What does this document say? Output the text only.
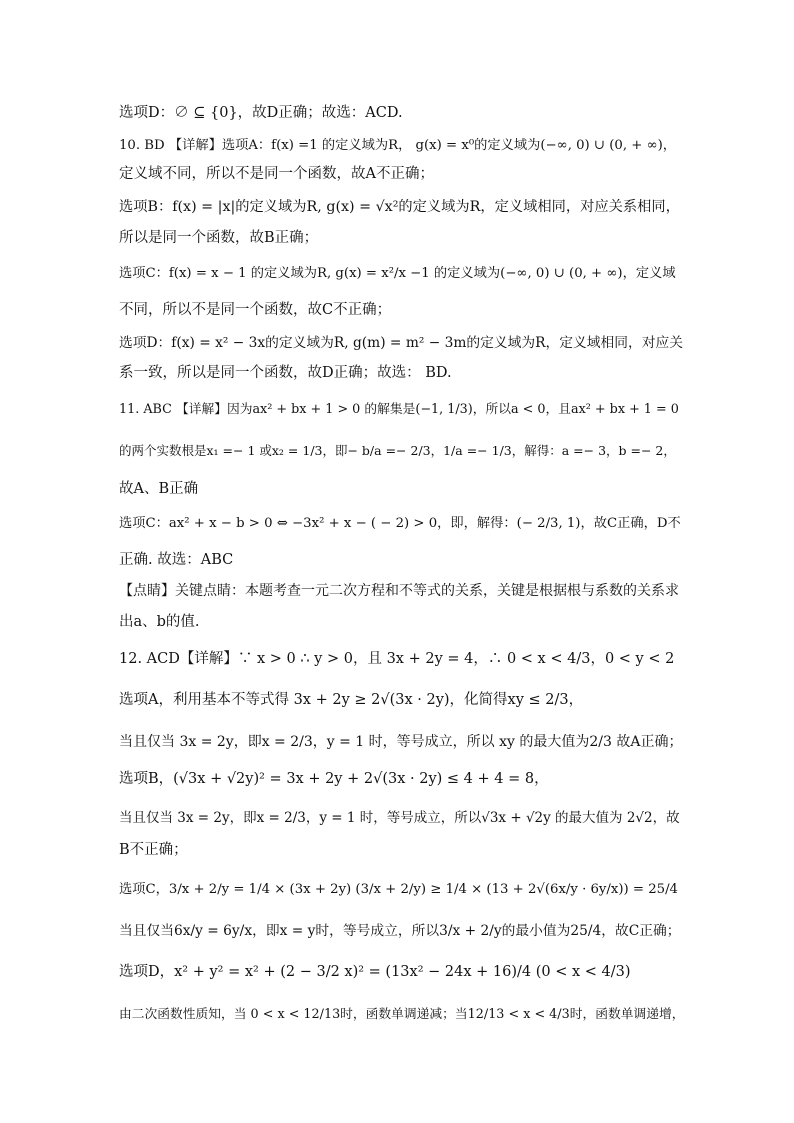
选项D：∅ ⊆ {0}，故D正确；故选：ACD.
10. BD 【详解】选项A：f(x) =1 的定义域为R， g(x) = x⁰的定义域为(−∞, 0) ∪ (0, + ∞)，
定义域不同，所以不是同一个函数，故A不正确；
选项B：f(x) = |x|的定义域为R, g(x) = √x²的定义域为R，定义域相同，对应关系相同，
所以是同一个函数，故B正确；
选项C：f(x) = x − 1 的定义域为R, g(x) = x²/x −1 的定义域为(−∞, 0) ∪ (0, + ∞)，定义域
不同，所以不是同一个函数，故C不正确；
选项D：f(x) = x² − 3x的定义域为R, g(m) = m² − 3m的定义域为R，定义域相同，对应关
系一致，所以是同一个函数，故D正确；故选： BD.
11. ABC 【详解】因为ax² + bx + 1 > 0 的解集是(−1, 1/3)，所以a < 0，且ax² + bx + 1 = 0
的两个实数根是x₁ =− 1 或x₂ = 1/3，即− b/a =− 2/3，1/a =− 1/3，解得：a =− 3，b =− 2，
故A、B正确
选项C：ax² + x − b > 0 ⇔ −3x² + x − ( − 2) > 0，即，解得：(− 2/3, 1)，故C正确，D不
正确. 故选：ABC
【点睛】关键点睛：本题考查一元二次方程和不等式的关系，关键是根据根与系数的关系求
出a、b的值.
12. ACD【详解】∵ x > 0 ∴ y > 0，且 3x + 2y = 4，∴ 0 < x < 4/3，0 < y < 2
选项A，利用基本不等式得 3x + 2y ≥ 2√(3x · 2y)，化简得xy ≤ 2/3，
当且仅当 3x = 2y，即x = 2/3，y = 1 时，等号成立，所以 xy 的最大值为2/3 故A正确；
选项B，(√3x + √2y)² = 3x + 2y + 2√(3x · 2y) ≤ 4 + 4 = 8，
当且仅当 3x = 2y，即x = 2/3，y = 1 时，等号成立，所以√3x + √2y 的最大值为 2√2，故
B不正确；
选项C，3/x + 2/y = 1/4 × (3x + 2y) (3/x + 2/y) ≥ 1/4 × (13 + 2√(6x/y · 6y/x)) = 25/4
当且仅当6x/y = 6y/x，即x = y时，等号成立，所以3/x + 2/y的最小值为25/4，故C正确；
选项D，x² + y² = x² + (2 − 3/2 x)² = (13x² − 24x + 16)/4 (0 < x < 4/3)
由二次函数性质知，当 0 < x < 12/13时，函数单调递减；当12/13 < x < 4/3时，函数单调递增，
